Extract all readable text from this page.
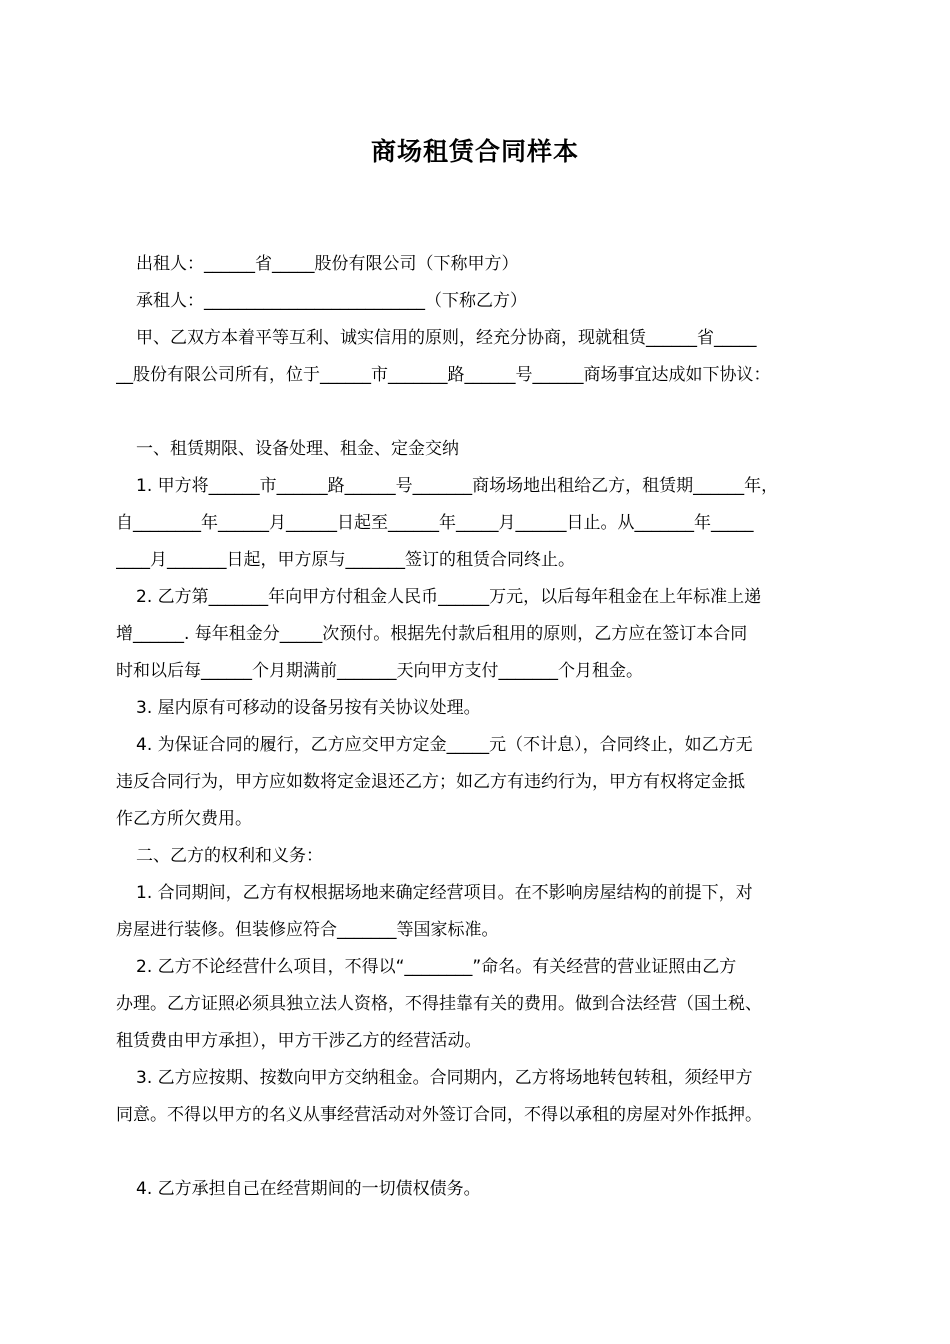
商场租赁合同样本
出租人：______省_____股份有限公司（下称甲方）
承租人：__________________________（下称乙方）
甲、乙双方本着平等互利、诚实信用的原则，经充分协商，现就租赁______省_____
__股份有限公司所有，位于______市_______路______号______商场事宜达成如下协议：
一、租赁期限、设备处理、租金、定金交纳
1. 甲方将______市______路______号_______商场场地出租给乙方，租赁期______年，
自________年______月______日起至______年_____月______日止。从_______年_____
____月_______日起，甲方原与_______签订的租赁合同终止。
2. 乙方第_______年向甲方付租金人民币______万元，以后每年租金在上年标准上递
增______. 每年租金分_____次预付。根据先付款后租用的原则，乙方应在签订本合同
时和以后每______个月期满前_______天向甲方支付_______个月租金。
3. 屋内原有可移动的设备另按有关协议处理。
4. 为保证合同的履行，乙方应交甲方定金_____元（不计息），合同终止，如乙方无
违反合同行为，甲方应如数将定金退还乙方；如乙方有违约行为，甲方有权将定金抵
作乙方所欠费用。
二、乙方的权利和义务：
1. 合同期间，乙方有权根据场地来确定经营项目。在不影响房屋结构的前提下，对
房屋进行装修。但装修应符合_______等国家标准。
2. 乙方不论经营什么项目，不得以“________”命名。有关经营的营业证照由乙方
办理。乙方证照必须具独立法人资格，不得挂靠有关的费用。做到合法经营（国土税、
租赁费由甲方承担），甲方干涉乙方的经营活动。
3. 乙方应按期、按数向甲方交纳租金。合同期内，乙方将场地转包转租，须经甲方
同意。不得以甲方的名义从事经营活动对外签订合同，不得以承租的房屋对外作抵押。
4. 乙方承担自己在经营期间的一切债权债务。
